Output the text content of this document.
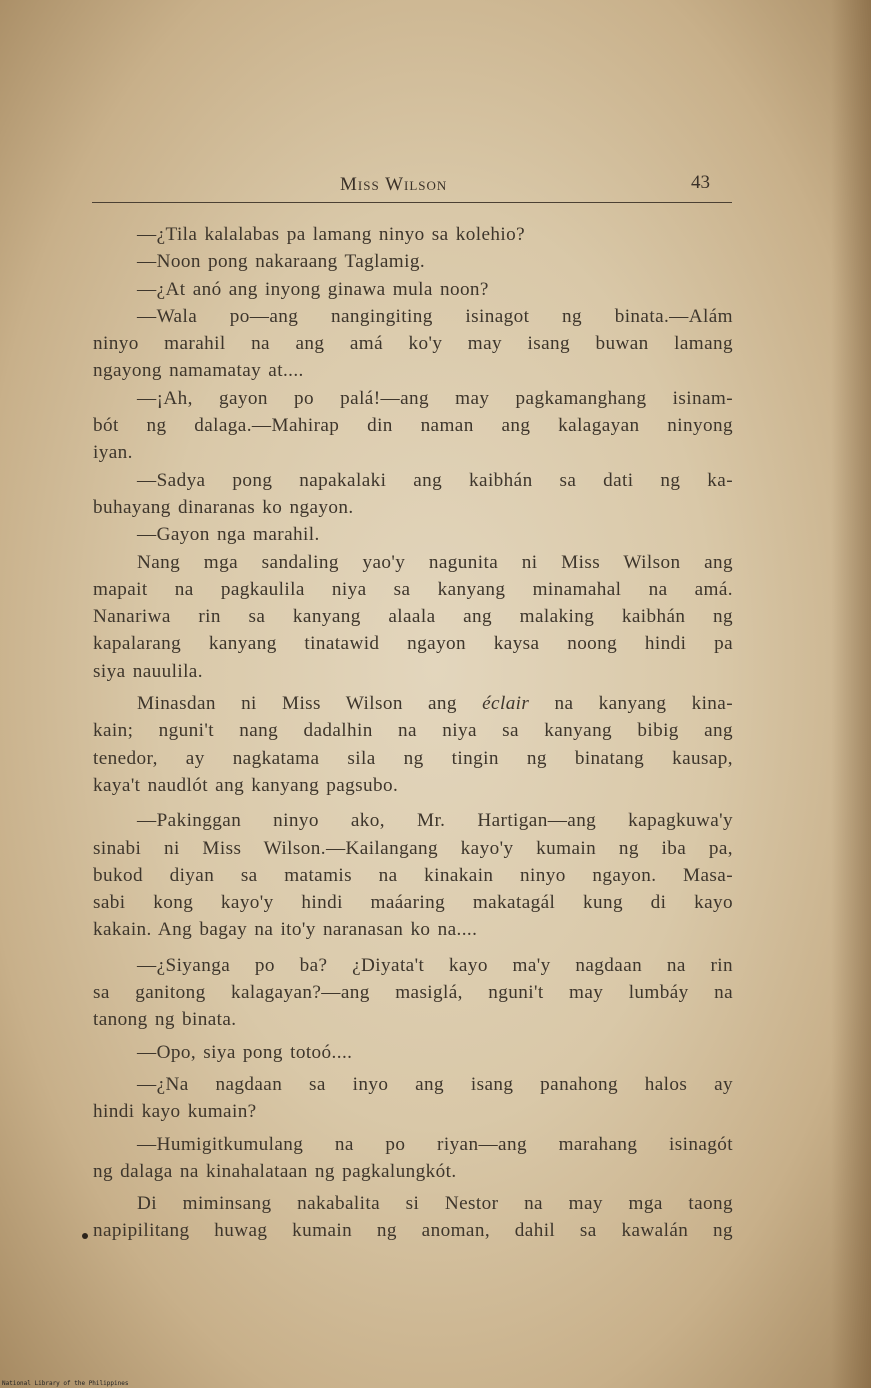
Miss Wilson	43

—¿Tila kalalabas pa lamang ninyo sa kolehio?

—Noon pong nakaraang Taglamig.

—¿At anó ang inyong ginawa mula noon?

—Wala po—ang nangingiting isinagot ng binata.—Alám
ninyo marahil na ang amá ko'y may isang buwan lamang
ngayong namamatay at....

—¡Ah, gayon po palá!—ang may pagkamanghang isinam-
bót ng dalaga.—Mahirap din naman ang kalagayan ninyong
iyan.

—Sadya pong napakalaki ang kaibhán sa dati ng ka-
buhayang dinaranas ko ngayon.

—Gayon nga marahil.

Nang mga sandaling yao'y nagunita ni Miss Wilson ang
mapait na pagkaulila niya sa kanyang minamahal na amá.
Nanariwa rin sa kanyang alaala ang malaking kaibhán ng
kapalarang kanyang tinatawid ngayon kaysa noong hindi pa
siya nauulila.

Minasdan ni Miss Wilson ang éclair na kanyang kina-
kain; nguni't nang dadalhin na niya sa kanyang bibig ang
tenedor, ay nagkatama sila ng tingin ng binatang kausap,
kaya't naudlót ang kanyang pagsubo.

—Pakinggan ninyo ako, Mr. Hartigan—ang kapagkuwa'y
sinabi ni Miss Wilson.—Kailangang kayo'y kumain ng iba pa,
bukod diyan sa matamis na kinakain ninyo ngayon. Masa-
sabi kong kayo'y hindi maáaring makatagál kung di kayo
kakain. Ang bagay na ito'y naranasan ko na....

—¿Siyanga po ba? ¿Diyata't kayo ma'y nagdaan na rin
sa ganitong kalagayan?—ang masiglá, nguni't may lumbáy na
tanong ng binata.

—Opo, siya pong totoó....

—¿Na nagdaan sa inyo ang isang panahong halos ay
hindi kayo kumain?

—Humigitkumulang na po riyan—ang marahang isinagót
ng dalaga na kinahalataan ng pagkalungkót.

Di miminsang nakabalita si Nestor na may mga taong
napipilitang huwag kumain ng anoman, dahil sa kawalán ng

National Library of the Philippines
